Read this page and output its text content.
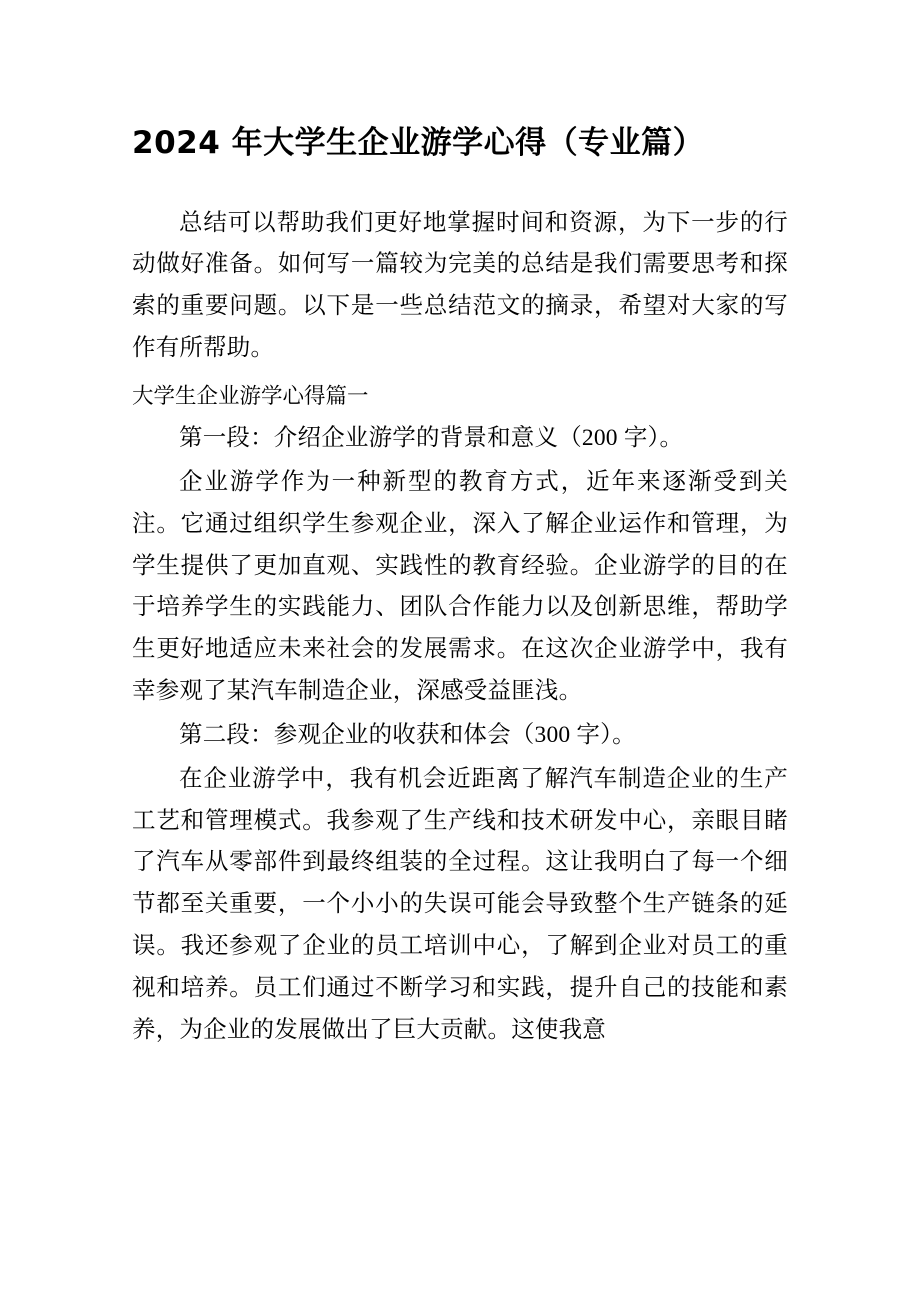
2024 年大学生企业游学心得（专业篇）

总结可以帮助我们更好地掌握时间和资源，为下一步的行动做好准备。如何写一篇较为完美的总结是我们需要思考和探索的重要问题。以下是一些总结范文的摘录，希望对大家的写作有所帮助。

大学生企业游学心得篇一

第一段：介绍企业游学的背景和意义（200 字）。

企业游学作为一种新型的教育方式，近年来逐渐受到关注。它通过组织学生参观企业，深入了解企业运作和管理，为学生提供了更加直观、实践性的教育经验。企业游学的目的在于培养学生的实践能力、团队合作能力以及创新思维，帮助学生更好地适应未来社会的发展需求。在这次企业游学中，我有幸参观了某汽车制造企业，深感受益匪浅。

第二段：参观企业的收获和体会（300 字）。

在企业游学中，我有机会近距离了解汽车制造企业的生产工艺和管理模式。我参观了生产线和技术研发中心，亲眼目睹了汽车从零部件到最终组装的全过程。这让我明白了每一个细节都至关重要，一个小小的失误可能会导致整个生产链条的延误。我还参观了企业的员工培训中心，了解到企业对员工的重视和培养。员工们通过不断学习和实践，提升自己的技能和素养，为企业的发展做出了巨大贡献。这使我意
